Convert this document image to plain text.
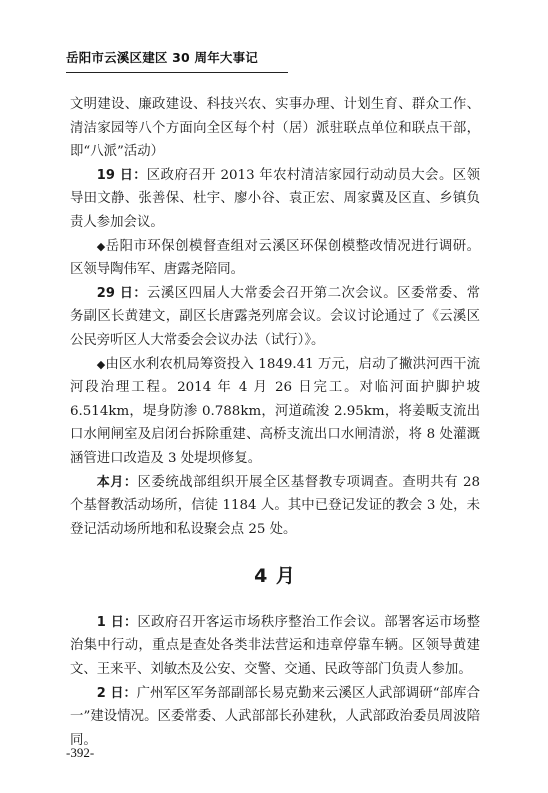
岳阳市云溪区建区 30 周年大事记

文明建设、廉政建设、科技兴农、实事办理、计划生育、群众工作、清洁家园等八个方面向全区每个村（居）派驻联点单位和联点干部，即“八派”活动）

19 日：区政府召开 2013 年农村清洁家园行动动员大会。区领导田文静、张善保、杜宇、廖小谷、袁正宏、周家冀及区直、乡镇负责人参加会议。

◆岳阳市环保创模督查组对云溪区环保创模整改情况进行调研。区领导陶伟军、唐露尧陪同。

29 日：云溪区四届人大常委会召开第二次会议。区委常委、常务副区长黄建文，副区长唐露尧列席会议。会议讨论通过了《云溪区公民旁听区人大常委会会议办法（试行）》。

◆由区水利农机局筹资投入 1849.41 万元，启动了撇洪河西干流河段治理工程。2014 年 4 月 26 日完工。对临河面护脚护坡 6.514km，堤身防渗 0.788km，河道疏浚 2.95km，将姜畈支流出口水闸闸室及启闭台拆除重建、高桥支流出口水闸清淤，将 8 处灌溉涵管进口改造及 3 处堤坝修复。

本月：区委统战部组织开展全区基督教专项调查。查明共有 28 个基督教活动场所，信徒 1184 人。其中已登记发证的教会 3 处，未登记活动场所地和私设聚会点 25 处。

4 月

1 日：区政府召开客运市场秩序整治工作会议。部署客运市场整治集中行动，重点是查处各类非法营运和违章停靠车辆。区领导黄建文、王来平、刘敏杰及公安、交警、交通、民政等部门负责人参加。

2 日：广州军区军务部副部长易克勤来云溪区人武部调研“部库合一”建设情况。区委常委、人武部部长孙建秋，人武部政治委员周波陪同。

-392-
